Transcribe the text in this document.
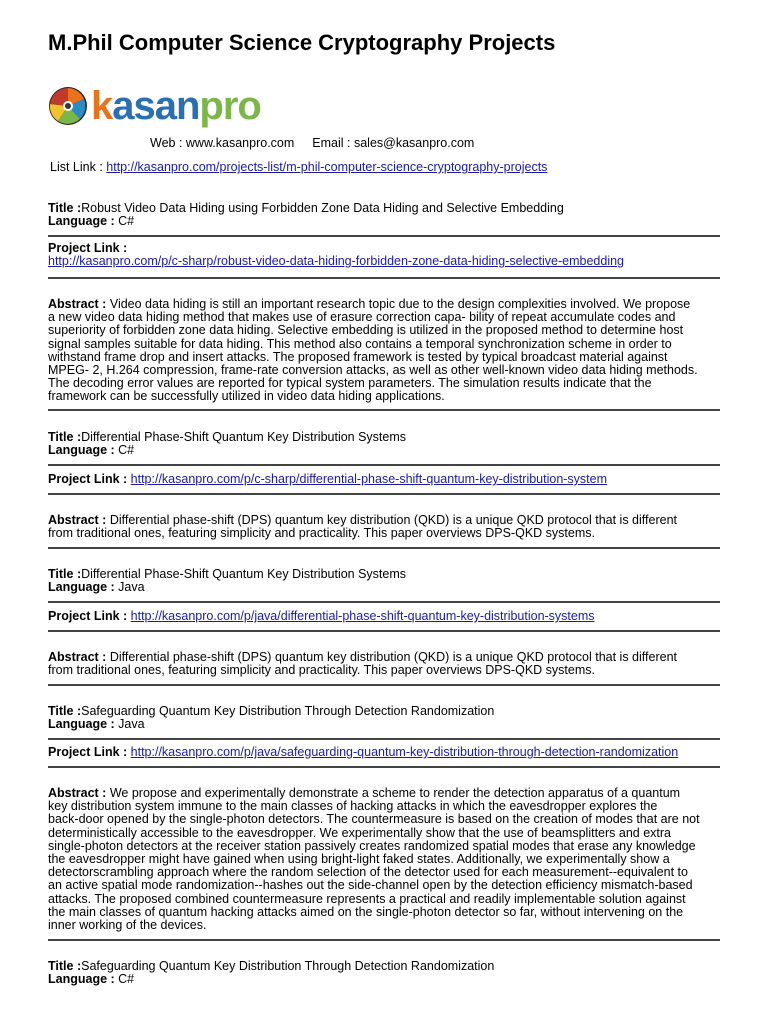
M.Phil Computer Science Cryptography Projects
kasanpro
Web : www.kasanpro.com Email : sales@kasanpro.com
List Link : http://kasanpro.com/projects-list/m-phil-computer-science-cryptography-projects
Title :Robust Video Data Hiding using Forbidden Zone Data Hiding and Selective Embedding
Language : C#
Project Link :
http://kasanpro.com/p/c-sharp/robust-video-data-hiding-forbidden-zone-data-hiding-selective-embedding
Abstract : Video data hiding is still an important research topic due to the design complexities involved. We propose
a new video data hiding method that makes use of erasure correction capa- bility of repeat accumulate codes and
superiority of forbidden zone data hiding. Selective embedding is utilized in the proposed method to determine host
signal samples suitable for data hiding. This method also contains a temporal synchronization scheme in order to
withstand frame drop and insert attacks. The proposed framework is tested by typical broadcast material against
MPEG- 2, H.264 compression, frame-rate conversion attacks, as well as other well-known video data hiding methods.
The decoding error values are reported for typical system parameters. The simulation results indicate that the
framework can be successfully utilized in video data hiding applications.
Title :Differential Phase-Shift Quantum Key Distribution Systems
Language : C#
Project Link : http://kasanpro.com/p/c-sharp/differential-phase-shift-quantum-key-distribution-system
Abstract : Differential phase-shift (DPS) quantum key distribution (QKD) is a unique QKD protocol that is different
from traditional ones, featuring simplicity and practicality. This paper overviews DPS-QKD systems.
Title :Differential Phase-Shift Quantum Key Distribution Systems
Language : Java
Project Link : http://kasanpro.com/p/java/differential-phase-shift-quantum-key-distribution-systems
Abstract : Differential phase-shift (DPS) quantum key distribution (QKD) is a unique QKD protocol that is different
from traditional ones, featuring simplicity and practicality. This paper overviews DPS-QKD systems.
Title :Safeguarding Quantum Key Distribution Through Detection Randomization
Language : Java
Project Link : http://kasanpro.com/p/java/safeguarding-quantum-key-distribution-through-detection-randomization
Abstract : We propose and experimentally demonstrate a scheme to render the detection apparatus of a quantum
key distribution system immune to the main classes of hacking attacks in which the eavesdropper explores the
back-door opened by the single-photon detectors. The countermeasure is based on the creation of modes that are not
deterministically accessible to the eavesdropper. We experimentally show that the use of beamsplitters and extra
single-photon detectors at the receiver station passively creates randomized spatial modes that erase any knowledge
the eavesdropper might have gained when using bright-light faked states. Additionally, we experimentally show a
detectorscrambling approach where the random selection of the detector used for each measurement--equivalent to
an active spatial mode randomization--hashes out the side-channel open by the detection efficiency mismatch-based
attacks. The proposed combined countermeasure represents a practical and readily implementable solution against
the main classes of quantum hacking attacks aimed on the single-photon detector so far, without intervening on the
inner working of the devices.
Title :Safeguarding Quantum Key Distribution Through Detection Randomization
Language : C#
